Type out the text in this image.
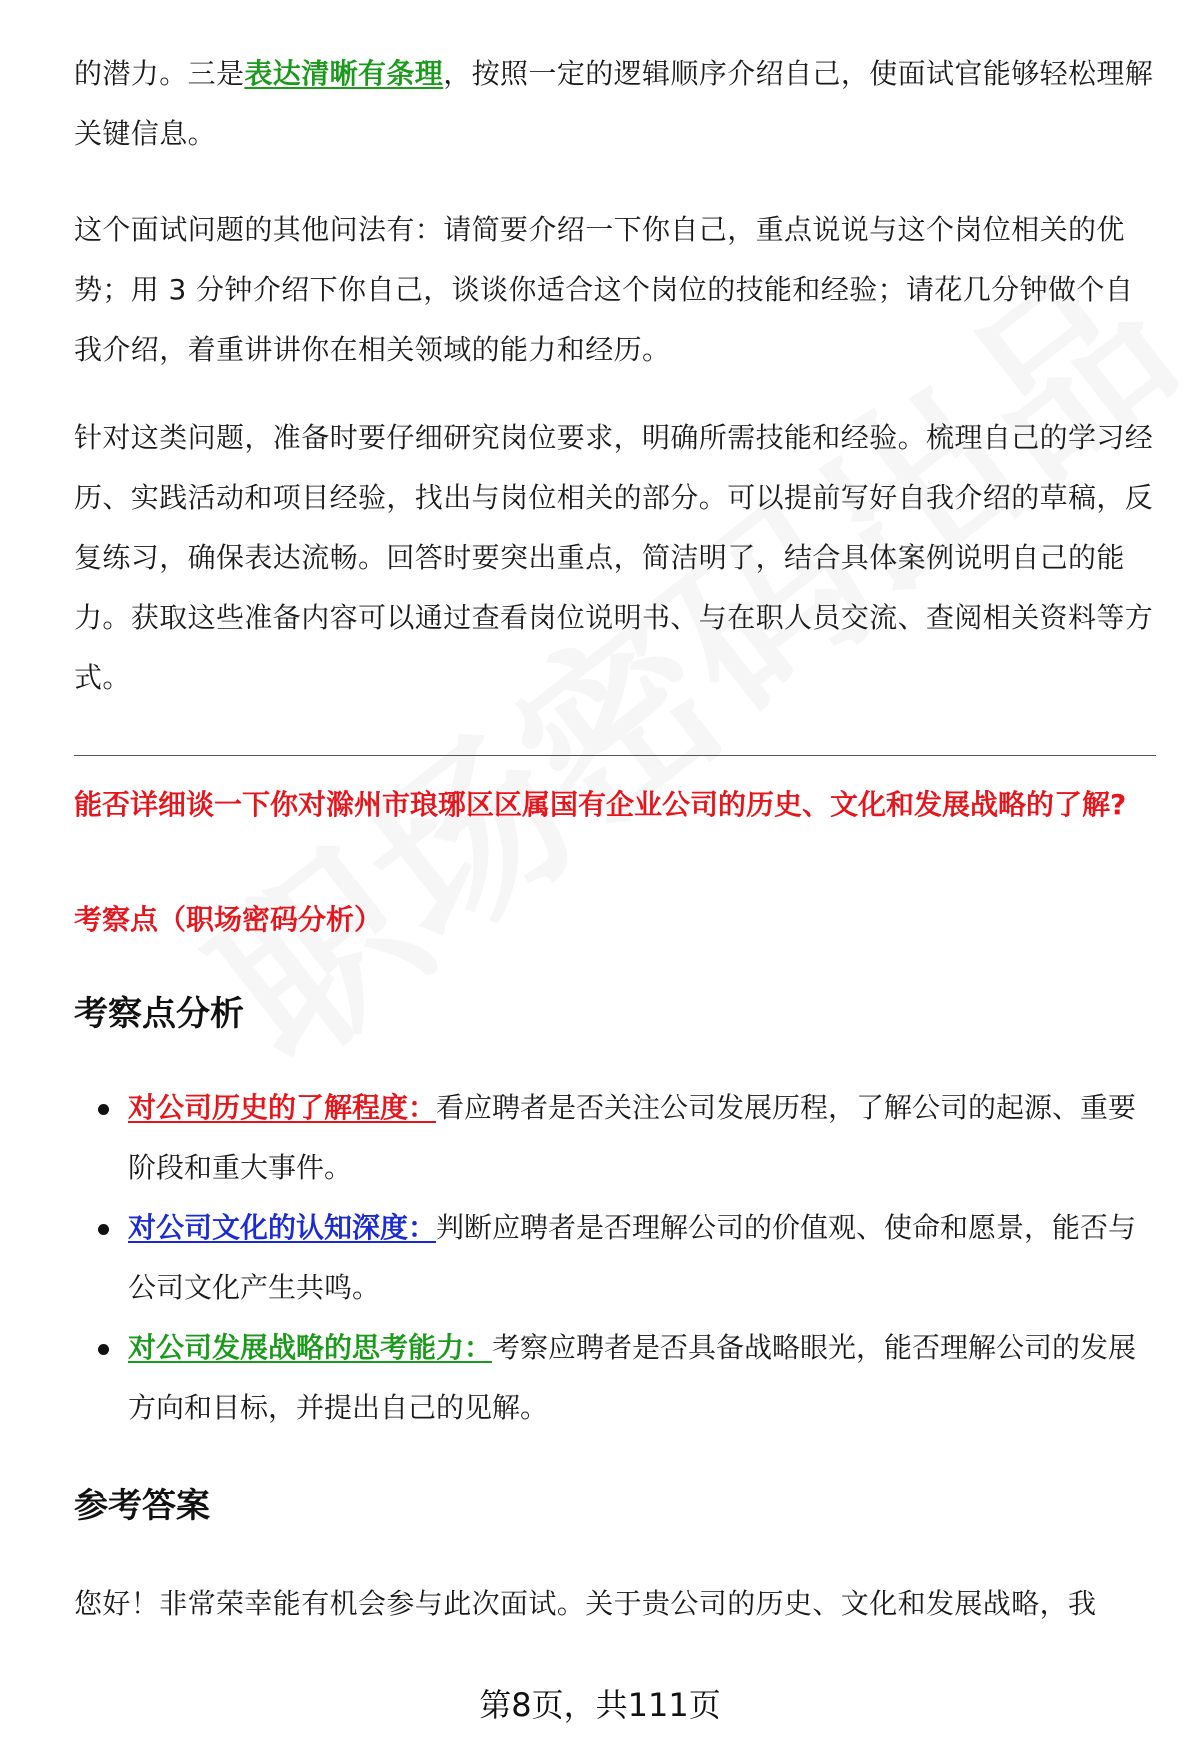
的潜力。三是表达清晰有条理，按照一定的逻辑顺序介绍自己，使面试官能够轻松理解关键信息。

这个面试问题的其他问法有：请简要介绍一下你自己，重点说说与这个岗位相关的优势；用 3 分钟介绍下你自己，谈谈你适合这个岗位的技能和经验；请花几分钟做个自我介绍，着重讲讲你在相关领域的能力和经历。

针对这类问题，准备时要仔细研究岗位要求，明确所需技能和经验。梳理自己的学习经历、实践活动和项目经验，找出与岗位相关的部分。可以提前写好自我介绍的草稿，反复练习，确保表达流畅。回答时要突出重点，简洁明了，结合具体案例说明自己的能力。获取这些准备内容可以通过查看岗位说明书、与在职人员交流、查阅相关资料等方式。

能否详细谈一下你对滁州市琅琊区区属国有企业公司的历史、文化和发展战略的了解?

考察点（职场密码分析）

考察点分析
对公司历史的了解程度：看应聘者是否关注公司发展历程，了解公司的起源、重要阶段和重大事件。
对公司文化的认知深度：判断应聘者是否理解公司的价值观、使命和愿景，能否与公司文化产生共鸣。
对公司发展战略的思考能力：考察应聘者是否具备战略眼光，能否理解公司的发展方向和目标，并提出自己的见解。
参考答案

您好！非常荣幸能有机会参与此次面试。关于贵公司的历史、文化和发展战略，我

第8页，共111页
